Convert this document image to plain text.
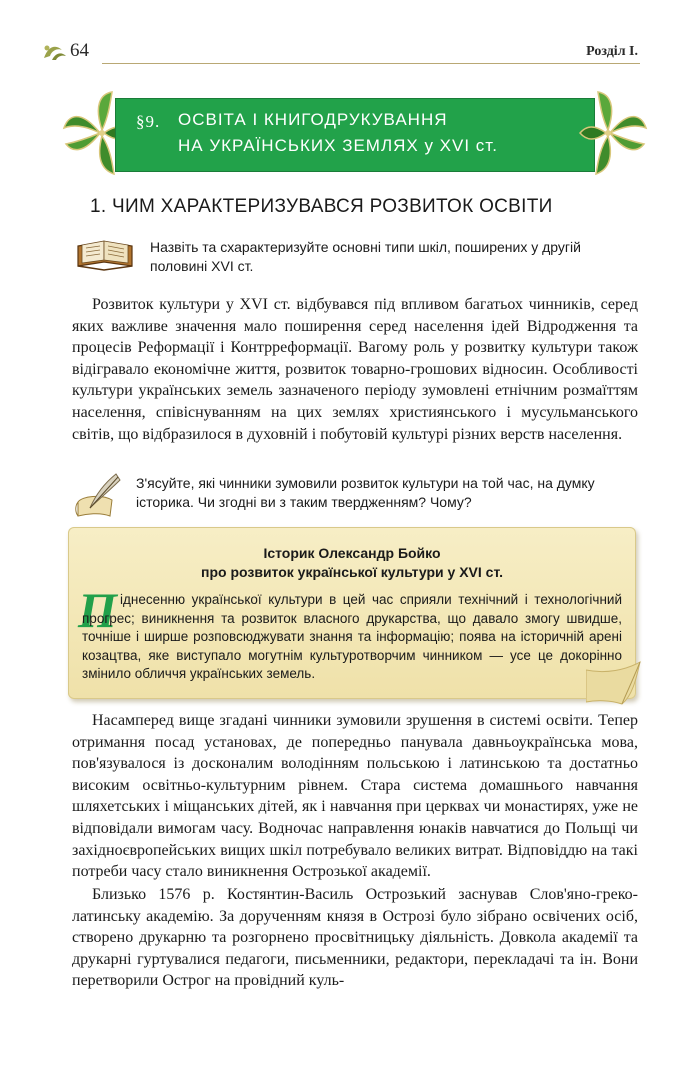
64	Розділ I.
§9. ОСВІТА І КНИГОДРУКУВАННЯ
НА УКРАЇНСЬКИХ ЗЕМЛЯХ у XVI ст.
1. ЧИМ ХАРАКТЕРИЗУВАВСЯ РОЗВИТОК ОСВІТИ
Назвіть та схарактеризуйте основні типи шкіл, поширених у другій половині XVI ст.
Розвиток культури у XVI ст. відбувався під впливом багатьох чинників, серед яких важливе значення мало поширення серед населення ідей Відродження та процесів Реформації і Контрреформації. Вагому роль у розвитку культури також відігравало економічне життя, розвиток товарно-грошових відносин. Особливості культури українських земель зазначеного періоду зумовлені етнічним розмаїттям населення, співіснуванням на цих землях християнського і мусульманського світів, що відбразилося в духовній і побутовій культурі різних верств населення.
З'ясуйте, які чинники зумовили розвиток культури на той час, на думку історика. Чи згодні ви з таким твердженням? Чому?
Історик Олександр Бойко
про розвиток української культури у XVI ст.
П іднесенню української культури в цей час сприяли технічний і технологічний прогрес; виникнення та розвиток власного друкарства, що давало змогу швидше, точніше і ширше розповсюджувати знання та інформацію; поява на історичній арені козацтва, яке виступало могутнім культуротворчим чинником — усе це докорінно змінило обличчя українських земель.
Насамперед вище згадані чинники зумовили зрушення в системі освіти. Тепер отримання посад установах, де попередньо панувала давньоукраїнська мова, пов'язувалося із досконалим володінням польською і латинською та достатньо високим освітньо-культурним рівнем. Стара система домашнього навчання шляхетських і міщанських дітей, як і навчання при церквах чи монастирях, уже не відповідали вимогам часу. Водночас направлення юнаків навчатися до Польщі чи західноєвропейських вищих шкіл потребувало великих витрат. Відповіддю на такі потреби часу стало виникнення Острозької академії.
Близько 1576 р. Костянтин-Василь Острозький заснував Слов'яно-греко-латинську академію. За дорученням князя в Острозі було зібрано освічених осіб, створено друкарню та розгорнено просвітницьку діяльність. Довкола академії та друкарні гуртувалися педагоги, письменники, редактори, перекладачі та ін. Вони перетворили Острог на провідний куль-
